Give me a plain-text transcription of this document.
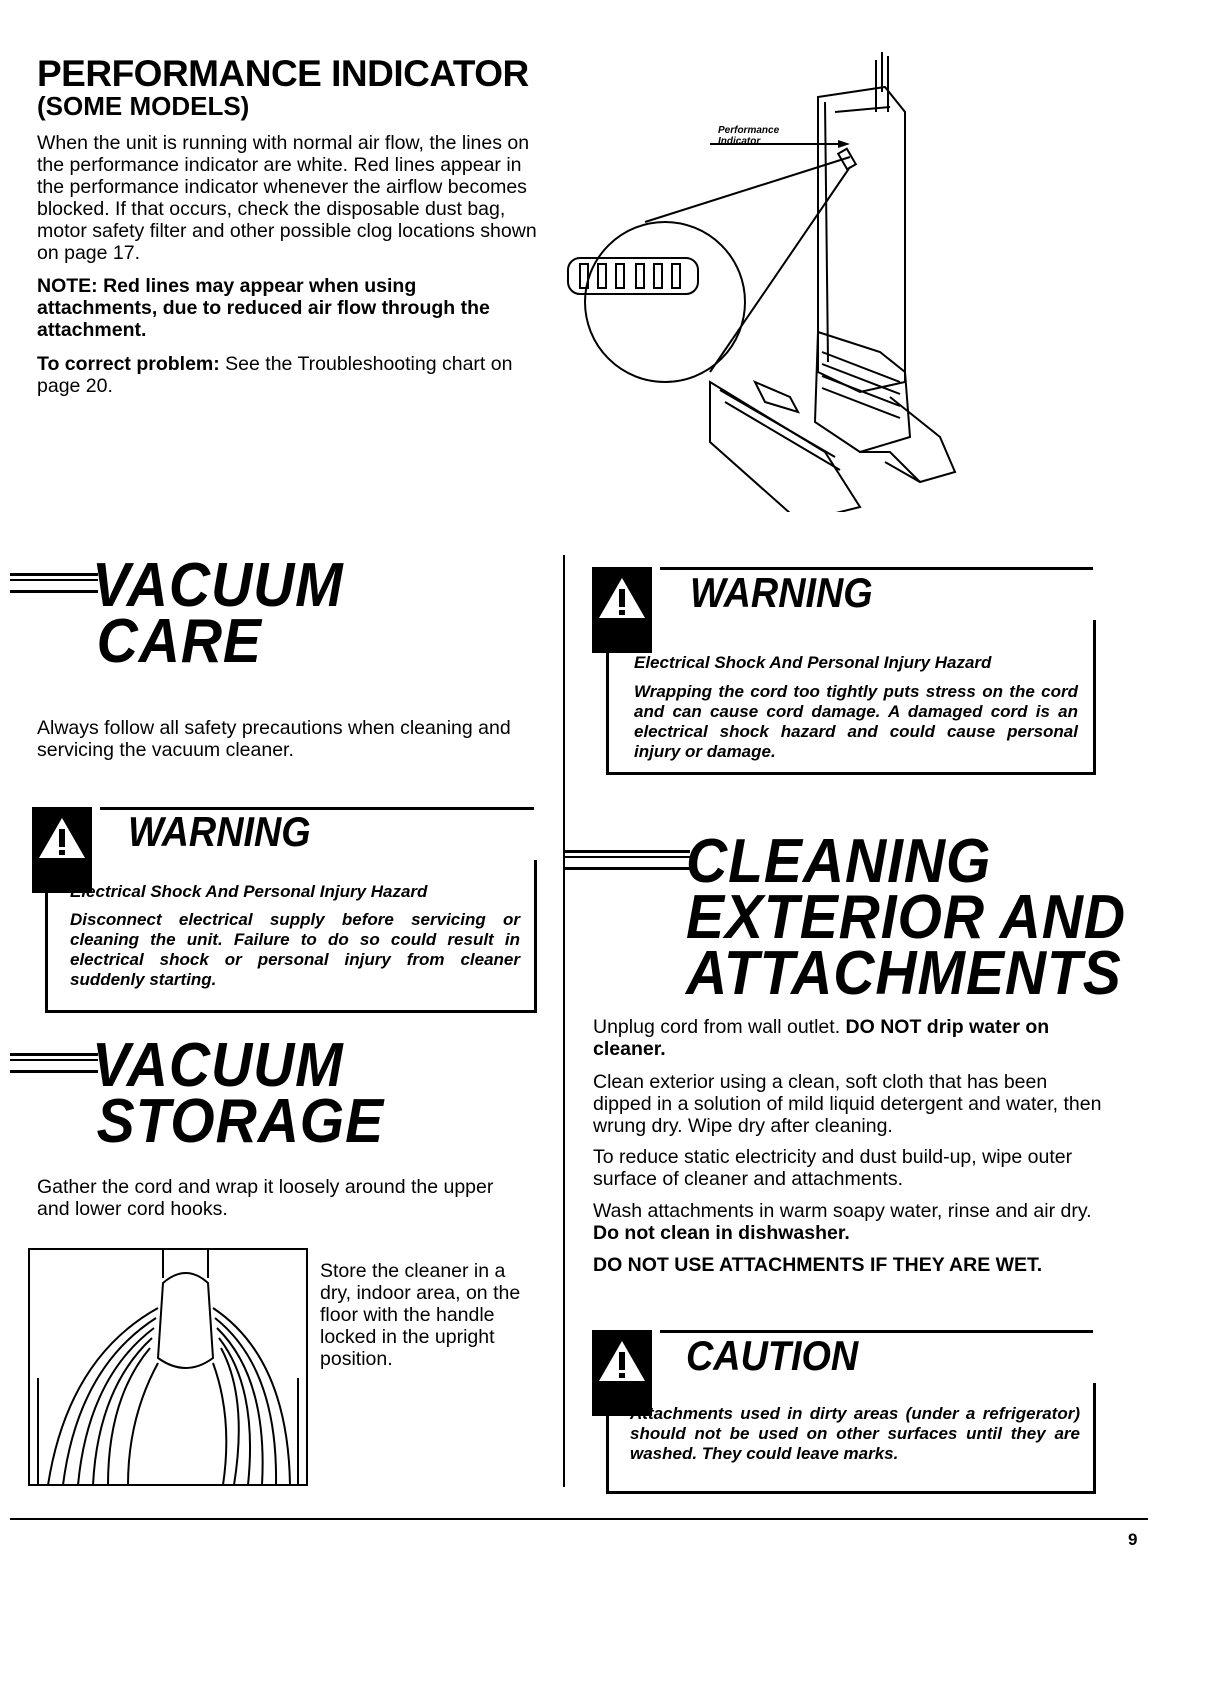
PERFORMANCE INDICATOR
(SOME MODELS)
When the unit is running with normal air flow, the lines on the performance indicator are white. Red lines appear in the performance indicator whenever the airflow becomes blocked. If that occurs, check the disposable dust bag, motor safety filter and other possible clog locations shown on page 17.
NOTE: Red lines may appear when using attachments, due to reduced air flow through the attachment.
To correct problem: See the Troubleshooting chart on page 20.
Performance
Indicator
VACUUM
CARE
Always follow all safety precautions when cleaning and servicing the vacuum cleaner.
WARNING
Electrical Shock And Personal Injury Hazard
Disconnect electrical supply before servicing or cleaning the unit. Failure to do so could result in electrical shock or personal injury from cleaner suddenly starting.
VACUUM
STORAGE
Gather the cord and wrap it loosely around the upper and lower cord hooks.
Store the cleaner in a dry, indoor area, on the floor with the handle locked in the upright position.
WARNING
Electrical Shock And Personal Injury Hazard
Wrapping the cord too tightly puts stress on the cord and can cause cord damage. A damaged cord is an electrical shock hazard and could cause personal injury or damage.
CLEANING
EXTERIOR AND
ATTACHMENTS
Unplug cord from wall outlet. DO NOT drip water on cleaner.
Clean exterior using a clean, soft cloth that has been dipped in a solution of mild liquid detergent and water, then wrung dry. Wipe dry after cleaning.
To reduce static electricity and dust build-up, wipe outer surface of cleaner and attachments.
Wash attachments in warm soapy water, rinse and air dry. Do not clean in dishwasher.
DO NOT USE ATTACHMENTS IF THEY ARE WET.
CAUTION
Attachments used in dirty areas (under a refrigerator) should not be used on other surfaces until they are washed. They could leave marks.
9
